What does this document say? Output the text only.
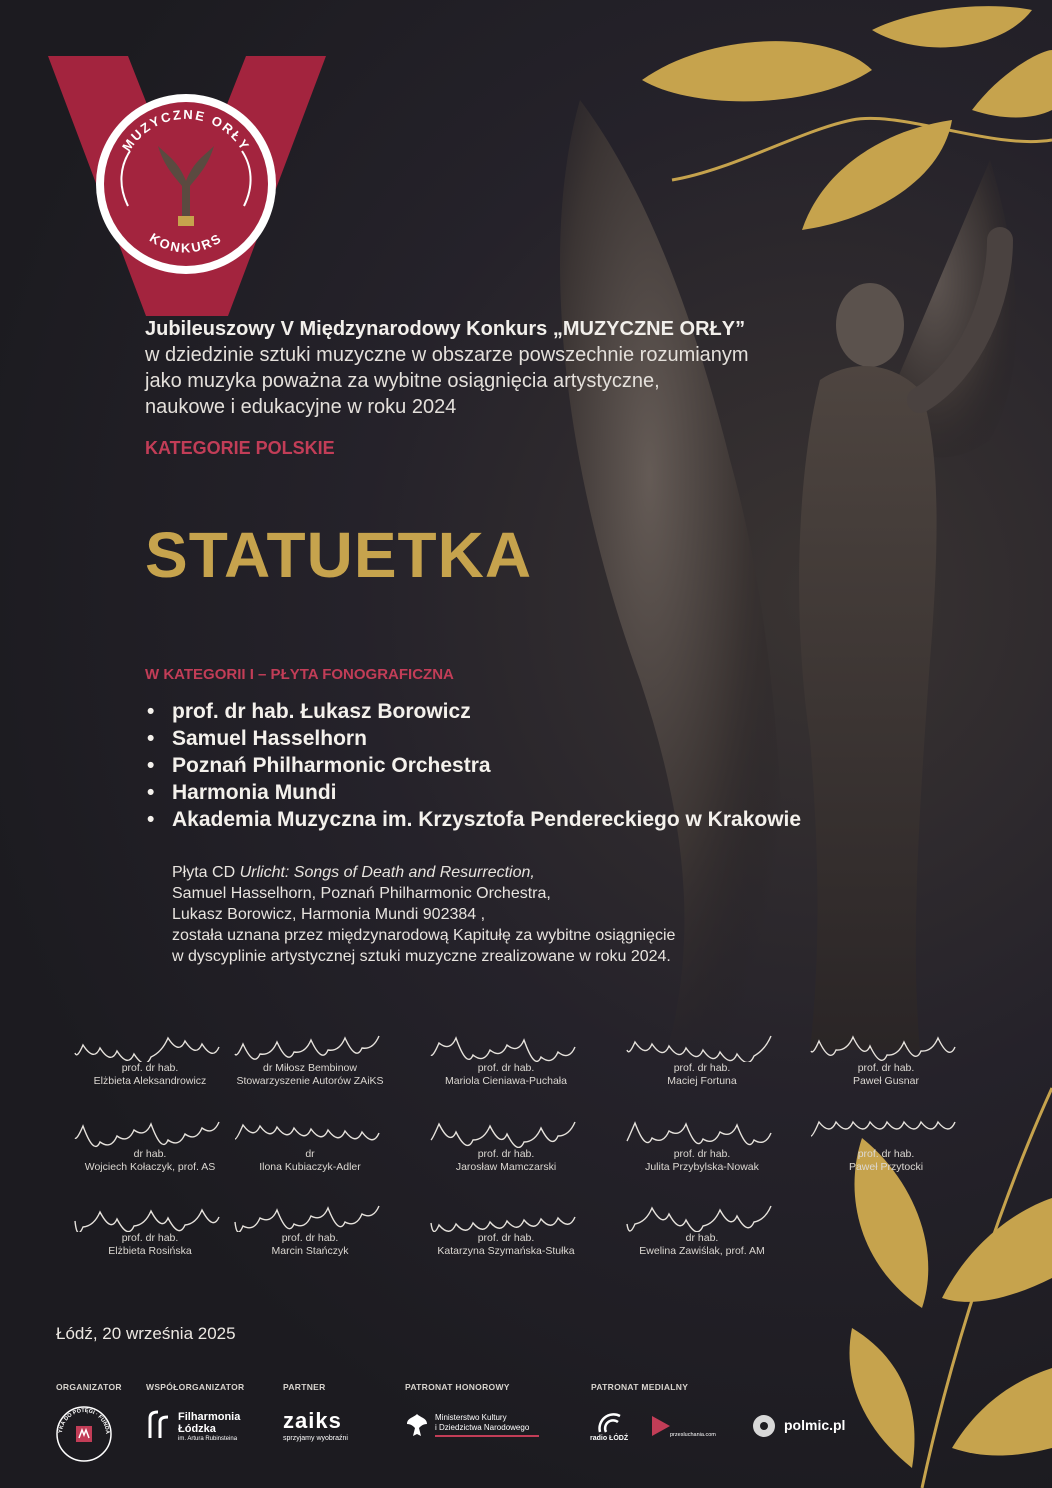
MUZYCZNE ORŁY
KONKURS
Jubileuszowy V Międzynarodowy Konkurs „MUZYCZNE ORŁY”
w dziedzinie sztuki muzyczne w obszarze powszechnie rozumianym
jako muzyka poważna za wybitne osiągnięcia artystyczne,
naukowe i edukacyjne w roku 2024
KATEGORIE POLSKIE
STATUETKA
W KATEGORII I – PŁYTA FONOGRAFICZNA
• prof. dr hab. Łukasz Borowicz
• Samuel Hasselhorn
• Poznań Philharmonic Orchestra
• Harmonia Mundi
• Akademia Muzyczna im. Krzysztofa Pendereckiego w Krakowie

Płyta CD Urlicht: Songs of Death and Resurrection,

Samuel Hasselhorn, Poznań Philharmonic Orchestra,

Lukasz Borowicz, Harmonia Mundi 902384 ,

została uznana przez międzynarodową Kapitułę za wybitne osiągnięcie

w dyscyplinie artystycznej sztuki muzyczne zrealizowane w roku 2024.

prof. dr hab.
Elżbieta Aleksandrowicz
dr Miłosz Bembinow
Stowarzyszenie Autorów ZAiKS
prof. dr hab.
Mariola Cieniawa-Puchała
prof. dr hab.
Maciej Fortuna
prof. dr hab.
Paweł Gusnar
dr hab.
Wojciech Kołaczyk, prof. AS
dr
Ilona Kubiaczyk-Adler
prof. dr hab.
Jarosław Mamczarski
prof. dr hab.
Julita Przybylska-Nowak
prof. dr hab.
Paweł Przytocki
prof. dr hab.
Elżbieta Rosińska
prof. dr hab.
Marcin Stańczyk
prof. dr hab.
Katarzyna Szymańska-Stułka
dr hab.
Ewelina Zawiślak, prof. AM
Łódź, 20 września 2025
ORGANIZATOR	WSPÓŁORGANIZATOR	PARTNER	PATRONAT HONOROWY	PATRONAT MEDIALNY
YKA DO POTĘGI · FUNDA
Filharmonia
Łódzka
im. Artura Rubinsteina
zaiks
sprzyjamy wyobraźni
Ministerstwo Kultury
i Dziedzictwa Narodowego
radio ŁÓDŹ	przesluchania.com
polmic.pl
